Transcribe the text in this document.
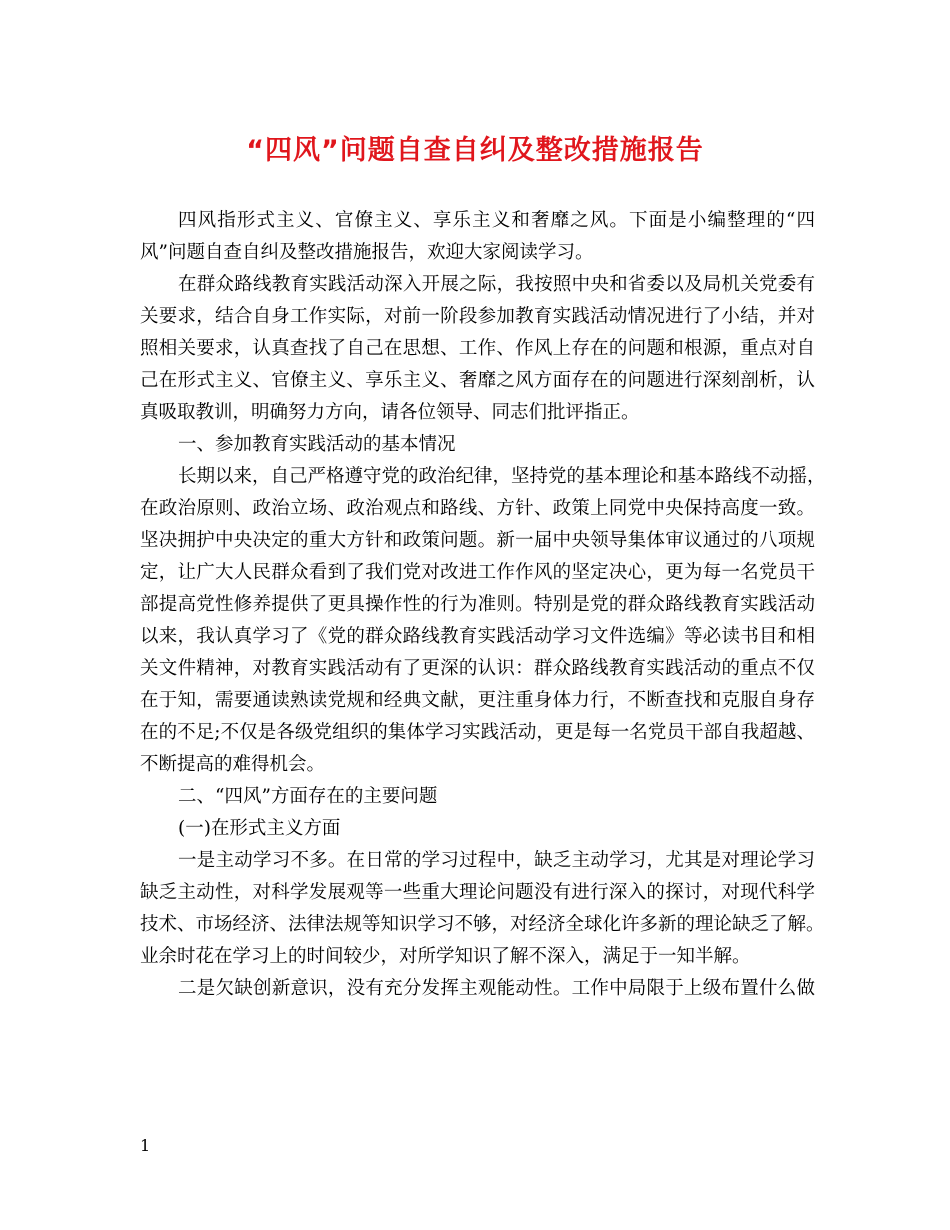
“四风”问题自查自纠及整改措施报告
四风指形式主义、官僚主义、享乐主义和奢靡之风。下面是小编整理的“四
风”问题自查自纠及整改措施报告，欢迎大家阅读学习。
在群众路线教育实践活动深入开展之际，我按照中央和省委以及局机关党委有
关要求，结合自身工作实际，对前一阶段参加教育实践活动情况进行了小结，并对
照相关要求，认真查找了自己在思想、工作、作风上存在的问题和根源，重点对自
己在形式主义、官僚主义、享乐主义、奢靡之风方面存在的问题进行深刻剖析，认
真吸取教训，明确努力方向，请各位领导、同志们批评指正。
一、参加教育实践活动的基本情况
长期以来，自己严格遵守党的政治纪律，坚持党的基本理论和基本路线不动摇，
在政治原则、政治立场、政治观点和路线、方针、政策上同党中央保持高度一致。
坚决拥护中央决定的重大方针和政策问题。新一届中央领导集体审议通过的八项规
定，让广大人民群众看到了我们党对改进工作作风的坚定决心，更为每一名党员干
部提高党性修养提供了更具操作性的行为准则。特别是党的群众路线教育实践活动
以来，我认真学习了《党的群众路线教育实践活动学习文件选编》等必读书目和相
关文件精神，对教育实践活动有了更深的认识：群众路线教育实践活动的重点不仅
在于知，需要通读熟读党规和经典文献，更注重身体力行，不断查找和克服自身存
在的不足;不仅是各级党组织的集体学习实践活动，更是每一名党员干部自我超越、
不断提高的难得机会。
二、“四风”方面存在的主要问题
(一)在形式主义方面
一是主动学习不多。在日常的学习过程中，缺乏主动学习，尤其是对理论学习
缺乏主动性，对科学发展观等一些重大理论问题没有进行深入的探讨，对现代科学
技术、市场经济、法律法规等知识学习不够，对经济全球化许多新的理论缺乏了解。
业余时花在学习上的时间较少，对所学知识了解不深入，满足于一知半解。
二是欠缺创新意识，没有充分发挥主观能动性。工作中局限于上级布置什么做
1
